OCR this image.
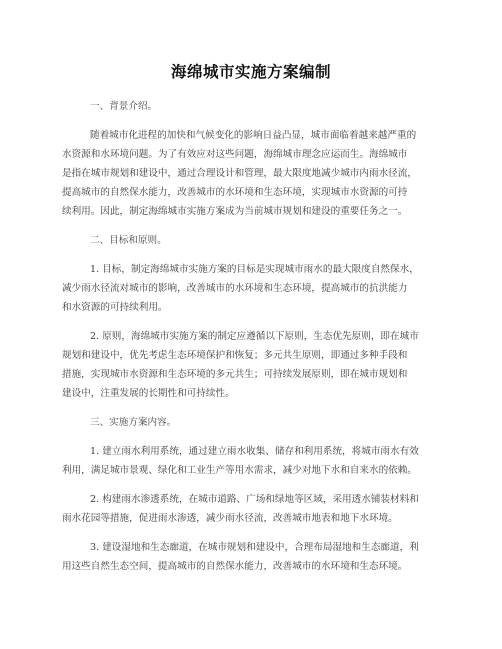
海绵城市实施方案编制
一、背景介绍。
随着城市化进程的加快和气候变化的影响日益凸显，城市面临着越来越严重的
水资源和水环境问题。为了有效应对这些问题，海绵城市理念应运而生。海绵城市
是指在城市规划和建设中，通过合理设计和管理，最大限度地减少城市内雨水径流，
提高城市的自然保水能力，改善城市的水环境和生态环境，实现城市水资源的可持
续利用。因此，制定海绵城市实施方案成为当前城市规划和建设的重要任务之一。
二、目标和原则。
1. 目标，制定海绵城市实施方案的目标是实现城市雨水的最大限度自然保水，
减少雨水径流对城市的影响，改善城市的水环境和生态环境，提高城市的抗洪能力
和水资源的可持续利用。
2. 原则，海绵城市实施方案的制定应遵循以下原则，生态优先原则，即在城市
规划和建设中，优先考虑生态环境保护和恢复；多元共生原则，即通过多种手段和
措施，实现城市水资源和生态环境的多元共生；可持续发展原则，即在城市规划和
建设中，注重发展的长期性和可持续性。
三、实施方案内容。
1. 建立雨水利用系统，通过建立雨水收集、储存和利用系统，将城市雨水有效
利用，满足城市景观、绿化和工业生产等用水需求，减少对地下水和自来水的依赖。
2. 构建雨水渗透系统，在城市道路、广场和绿地等区域，采用透水铺装材料和
雨水花园等措施，促进雨水渗透，减少雨水径流，改善城市地表和地下水环境。
3. 建设湿地和生态廊道，在城市规划和建设中，合理布局湿地和生态廊道，利
用这些自然生态空间，提高城市的自然保水能力，改善城市的水环境和生态环境。
